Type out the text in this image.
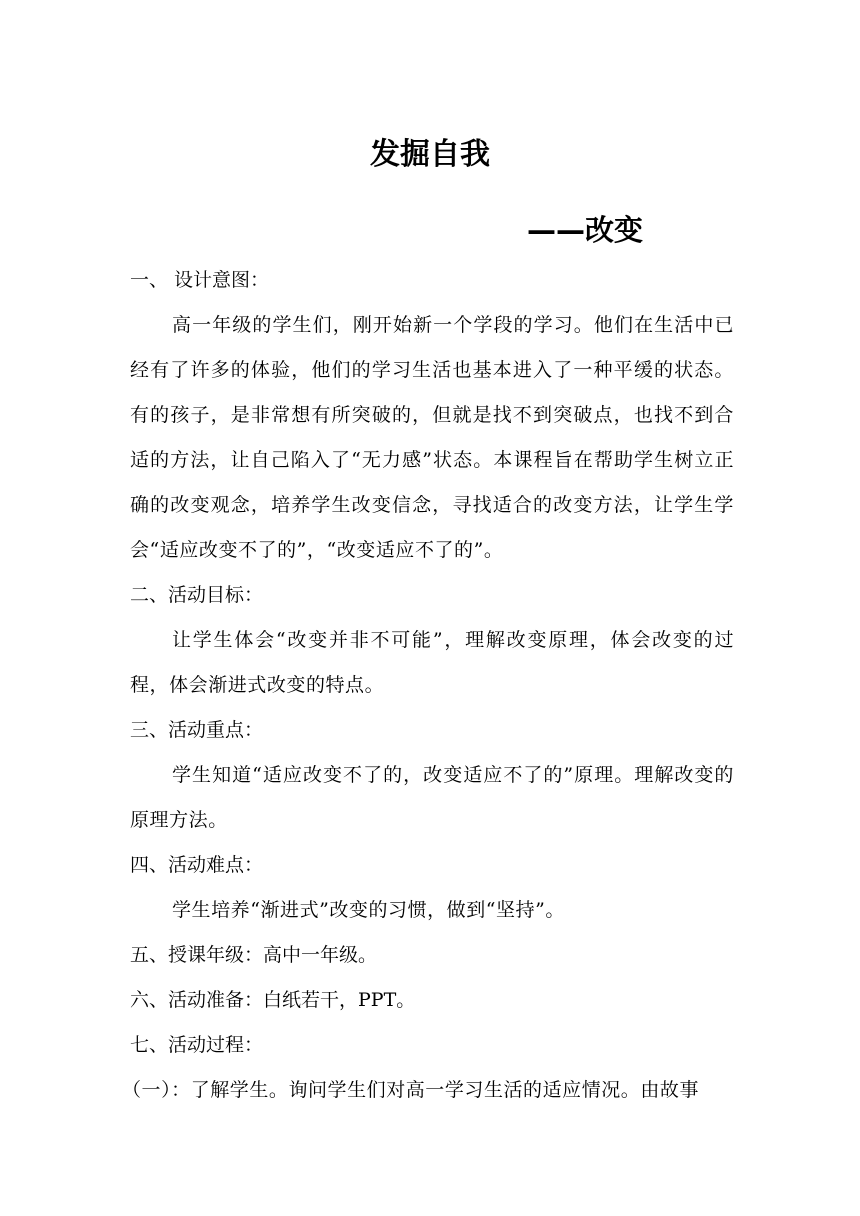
发掘自我
——改变

一、 设计意图：

高一年级的学生们，刚开始新一个学段的学习。他们在生活中已经有了许多的体验，他们的学习生活也基本进入了一种平缓的状态。有的孩子，是非常想有所突破的，但就是找不到突破点，也找不到合适的方法，让自己陷入了“无力感”状态。本课程旨在帮助学生树立正确的改变观念，培养学生改变信念，寻找适合的改变方法，让学生学会“适应改变不了的”，“改变适应不了的”。

二、活动目标：

让学生体会“改变并非不可能”，理解改变原理，体会改变的过程，体会渐进式改变的特点。

三、活动重点：

学生知道“适应改变不了的，改变适应不了的”原理。理解改变的原理方法。

四、活动难点：

学生培养“渐进式”改变的习惯，做到“坚持”。

五、授课年级：高中一年级。

六、活动准备：白纸若干，PPT。

七、活动过程：

（一）：了解学生。询问学生们对高一学习生活的适应情况。由故事
